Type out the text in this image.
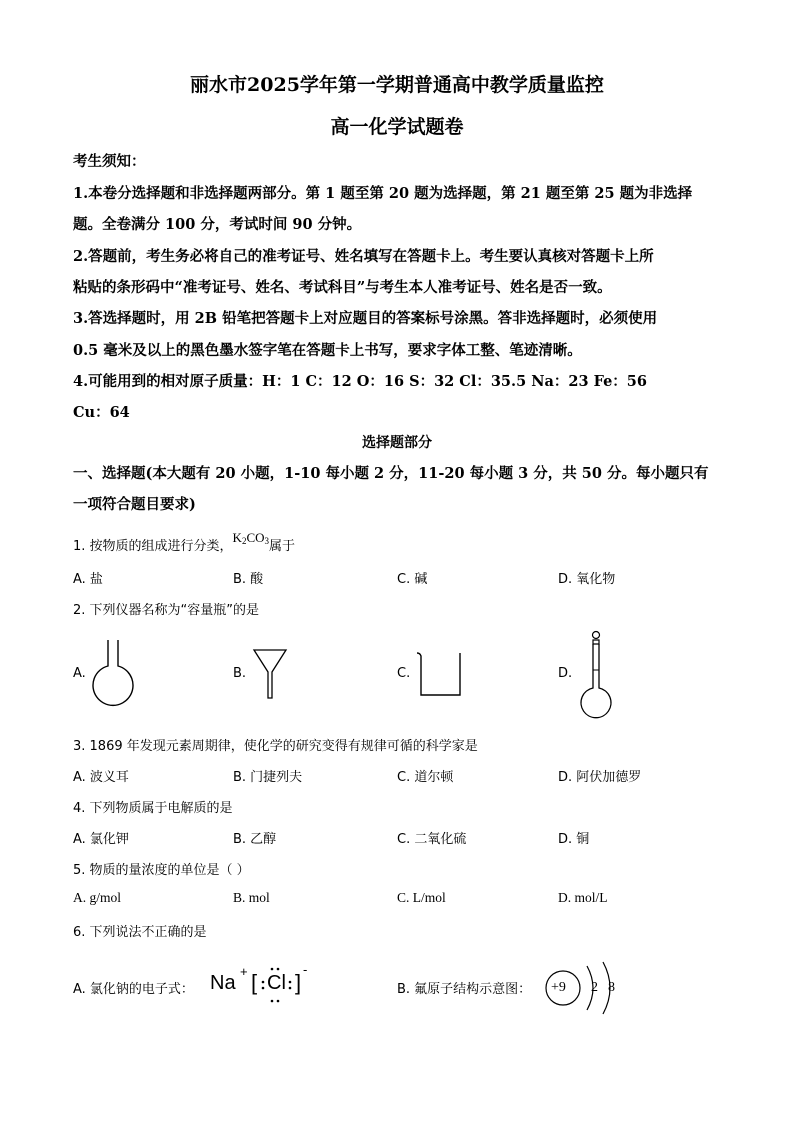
丽水市2025学年第一学期普通高中教学质量监控
高一化学试题卷
考生须知：
1.本卷分选择题和非选择题两部分。第 1 题至第 20 题为选择题，第 21 题至第 25 题为非选择
题。全卷满分 100 分，考试时间 90 分钟。
2.答题前，考生务必将自己的准考证号、姓名填写在答题卡上。考生要认真核对答题卡上所
粘贴的条形码中“准考证号、姓名、考试科目”与考生本人准考证号、姓名是否一致。
3.答选择题时，用 2B 铅笔把答题卡上对应题目的答案标号涂黑。答非选择题时，必须使用
0.5 毫米及以上的黑色墨水签字笔在答题卡上书写，要求字体工整、笔迹清晰。
4.可能用到的相对原子质量：H：1 C：12 O：16 S：32 Cl：35.5 Na：23 Fe：56
Cu：64
选择题部分
一、选择题(本大题有 20 小题，1-10 每小题 2 分，11-20 每小题 3 分，共 50 分。每小题只有
一项符合题目要求)
1. 按物质的组成进行分类，$K_2CO_3$属于
A. 盐	B. 酸	C. 碱	D. 氧化物
2. 下列仪器名称为“容量瓶”的是
A.	B.	C.	D.
3. 1869 年发现元素周期律，使化学的研究变得有规律可循的科学家是
A. 波义耳	B. 门捷列夫	C. 道尔顿	D. 阿伏加德罗
4. 下列物质属于电解质的是
A. 氯化钾	B. 乙醇	C. 二氧化硫	D. 铜
5. 物质的量浓度的单位是（ ）
A. g/mol	B. mol	C. L/mol	D. mol/L
6. 下列说法不正确的是
A. 氯化钠的电子式： Na
+ [ Cl ]
-
B. 氟原子结构示意图： +9 2 8
